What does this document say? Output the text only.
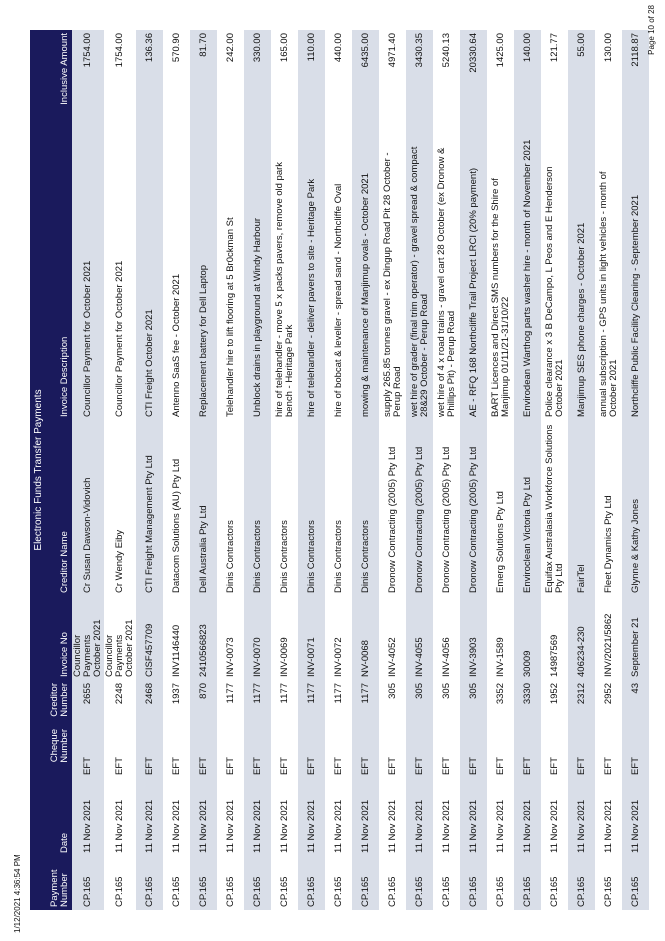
Electronic Funds Transfer Payments
Payment Number	Date	Cheque Number	Creditor Number	Invoice No	Creditor Name	Invoice Description	Inclusive Amount
CP.165	11 Nov 2021	EFT	2655	Councillor Payments October 2021	Cr Susan Dawson-Vidovich	Councillor Payment for October 2021	1754.00
CP.165	11 Nov 2021	EFT	2248	Councillor Payments October 2021	Cr Wendy Eiby	Councillor Payment for October 2021	1754.00
CP.165	11 Nov 2021	EFT	2468	CISF457709	CTI Freight Management Pty Ltd	CTI Freight October 2021	136.36
CP.165	11 Nov 2021	EFT	1937	INV1146440	Datacom Solutions (AU) Pty Ltd	Antenno SaaS fee - October 2021	570.90
CP.165	11 Nov 2021	EFT	870	2410566823	Dell Australia Pty Ltd	Replacement battery for Dell Laptop	81.70
CP.165	11 Nov 2021	EFT	1177	INV-0073	Dinis Contractors	Telehandler hire to lift flooring at 5 Br0ckman St	242.00
CP.165	11 Nov 2021	EFT	1177	INV-0070	Dinis Contractors	Unblock drains in playground at Windy Harbour	330.00
CP.165	11 Nov 2021	EFT	1177	INV-0069	Dinis Contractors	hire of telehandler - move 5 x packs pavers, remove old park bench - Heritage Park	165.00
CP.165	11 Nov 2021	EFT	1177	INV-0071	Dinis Contractors	hire of telehandler - deliver pavers to site - Heritage Park	110.00
CP.165	11 Nov 2021	EFT	1177	INV-0072	Dinis Contractors	hire of bobcat & leveller - spread sand - Northcliffe Oval	440.00
CP.165	11 Nov 2021	EFT	1177	NV-0068	Dinis Contractors	mowing & maintenance of Manjimup ovals - October 2021	6435.00
CP.165	11 Nov 2021	EFT	305	INV-4052	Dronow Contracting (2005) Pty Ltd	supply 265.85 tonnes gravel - ex Dingup Road Pit 28 October - Perup Road	4971.40
CP.165	11 Nov 2021	EFT	305	INV-4055	Dronow Contracting (2005) Pty Ltd	wet hire of grader (final trim operator) - gravel spread & compact 28&29 October - Perup Road	3430.35
CP.165	11 Nov 2021	EFT	305	INV-4056	Dronow Contracting (2005) Pty Ltd	wet hire of 4 x road trains - gravel cart 28 October (ex Dronow & Phillips Pit) - Perup Road	5240.13
CP.165	11 Nov 2021	EFT	305	INV-3903	Dronow Contracting (2005) Pty Ltd	AE - RFQ 168 Northcliffe Trail Project LRCI (20% payment)	20330.64
CP.165	11 Nov 2021	EFT	3352	INV-1589	Emerg Solutions Pty Ltd	BART Licences and Direct SMS numbers for the Shire of Manjimup 01/11/21-31/10/22	1425.00
CP.165	11 Nov 2021	EFT	3330	30009	Enviroclean Victoria Pty Ltd	Envirodean Warthog parts washer hire - month of November 2021	140.00
CP.165	11 Nov 2021	EFT	1952	14987569	Equifax Australasia Workforce Solutions Pty Ltd	Police clearance x 3 B DeCampo, L Peos and E Henderson October 2021	121.77
CP.165	11 Nov 2021	EFT	2312	406234-230	FairTel	Manjimup SES phone charges - October 2021	55.00
CP.165	11 Nov 2021	EFT	2952	INV/2021/5862	Fleet Dynamics Pty Ltd	annual subscription - GPS units in light vehicles - month of October 2021	130.00
CP.165	11 Nov 2021	EFT	43	September 21	Glynne & Kathy Jones	Northcliffe Public Facility Cleaning - September 2021	2118.87
1/12/2021 4:36:54 PM
Page 10 of 28
